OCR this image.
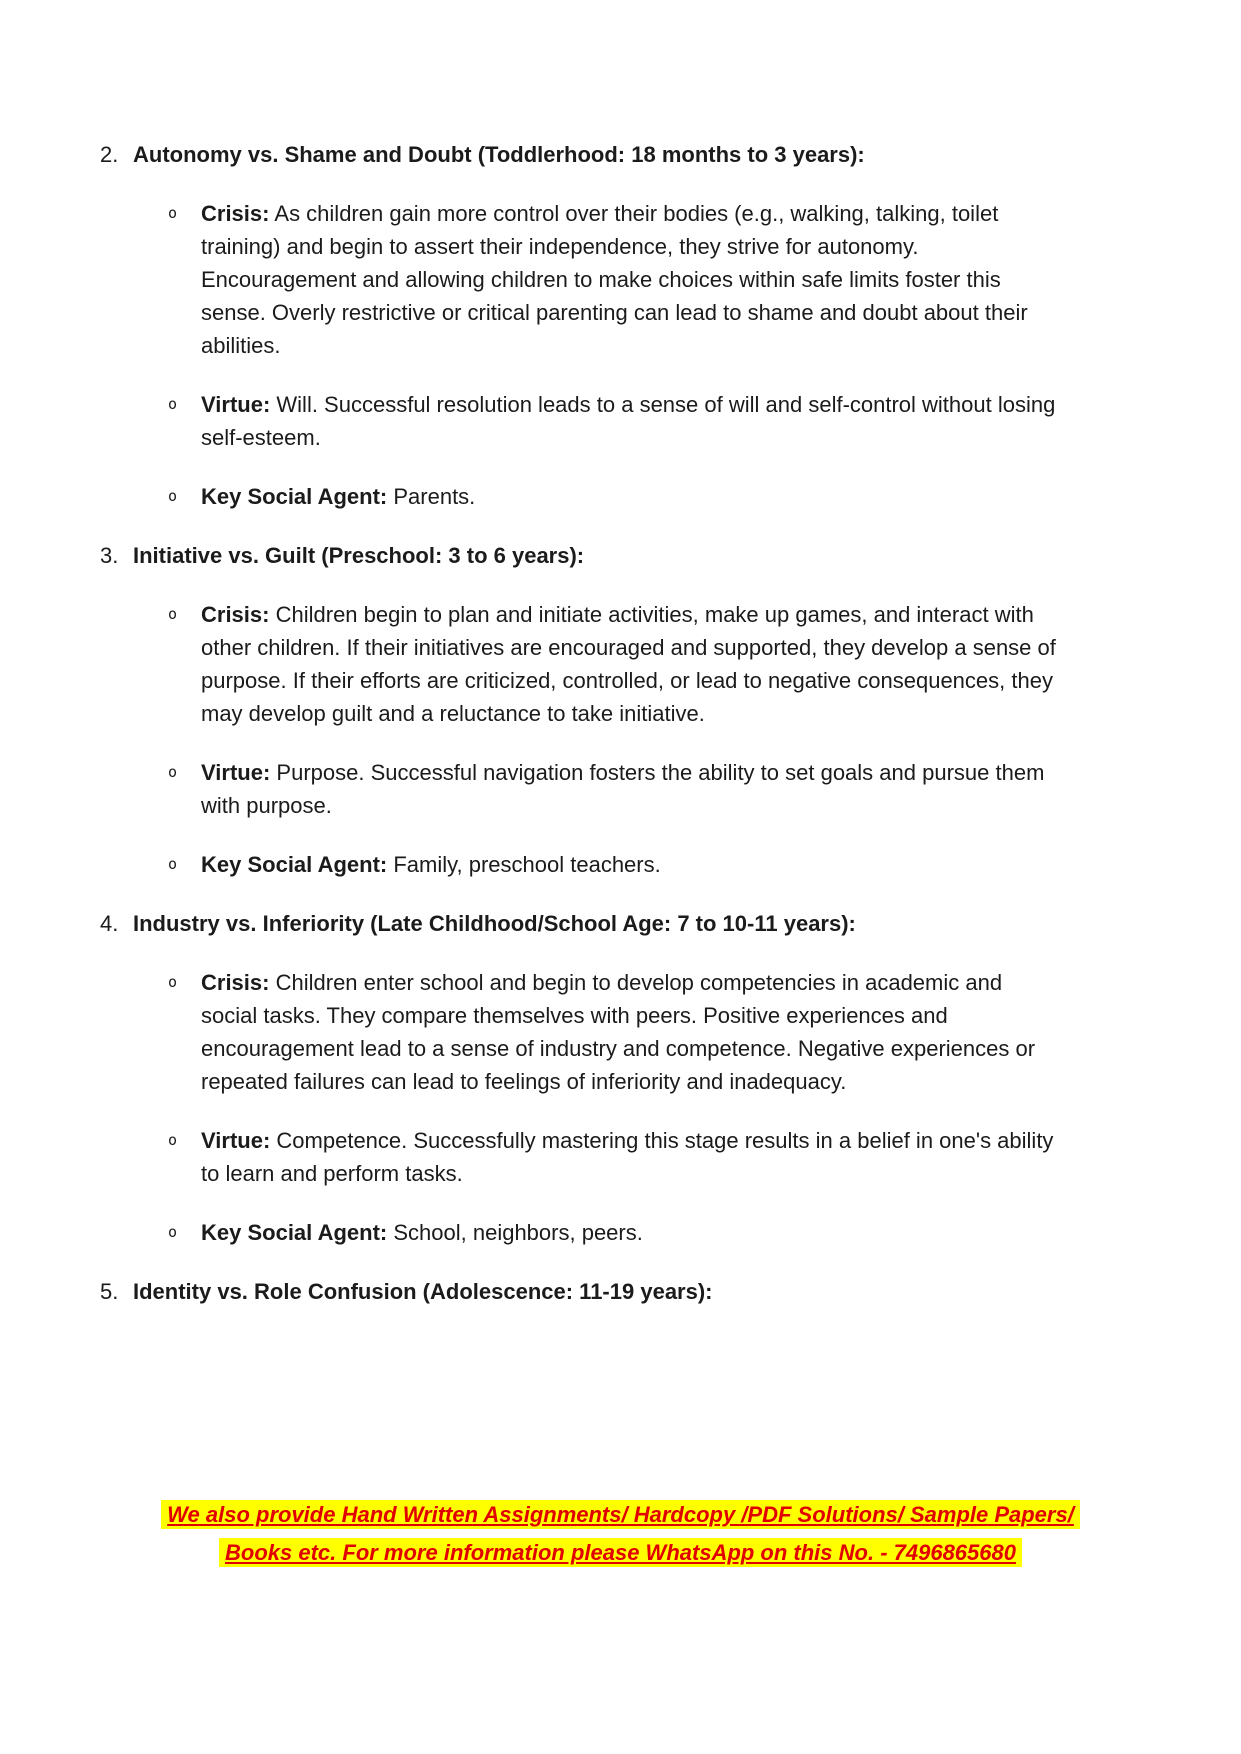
2. Autonomy vs. Shame and Doubt (Toddlerhood: 18 months to 3 years):
o	Crisis: As children gain more control over their bodies (e.g., walking, talking, toilet training) and begin to assert their independence, they strive for autonomy. Encouragement and allowing children to make choices within safe limits foster this sense. Overly restrictive or critical parenting can lead to shame and doubt about their abilities.
o	Virtue: Will. Successful resolution leads to a sense of will and self-control without losing self-esteem.
o	Key Social Agent: Parents.
3. Initiative vs. Guilt (Preschool: 3 to 6 years):
o	Crisis: Children begin to plan and initiate activities, make up games, and interact with other children. If their initiatives are encouraged and supported, they develop a sense of purpose. If their efforts are criticized, controlled, or lead to negative consequences, they may develop guilt and a reluctance to take initiative.
o	Virtue: Purpose. Successful navigation fosters the ability to set goals and pursue them with purpose.
o	Key Social Agent: Family, preschool teachers.
4. Industry vs. Inferiority (Late Childhood/School Age: 7 to 10-11 years):
o	Crisis: Children enter school and begin to develop competencies in academic and social tasks. They compare themselves with peers. Positive experiences and encouragement lead to a sense of industry and competence. Negative experiences or repeated failures can lead to feelings of inferiority and inadequacy.
o	Virtue: Competence. Successfully mastering this stage results in a belief in one's ability to learn and perform tasks.
o	Key Social Agent: School, neighbors, peers.
5. Identity vs. Role Confusion (Adolescence: 11-19 years):
We also provide Hand Written Assignments/ Hardcopy /PDF Solutions/ Sample Papers/
Books etc. For more information please WhatsApp on this No. - 7496865680
